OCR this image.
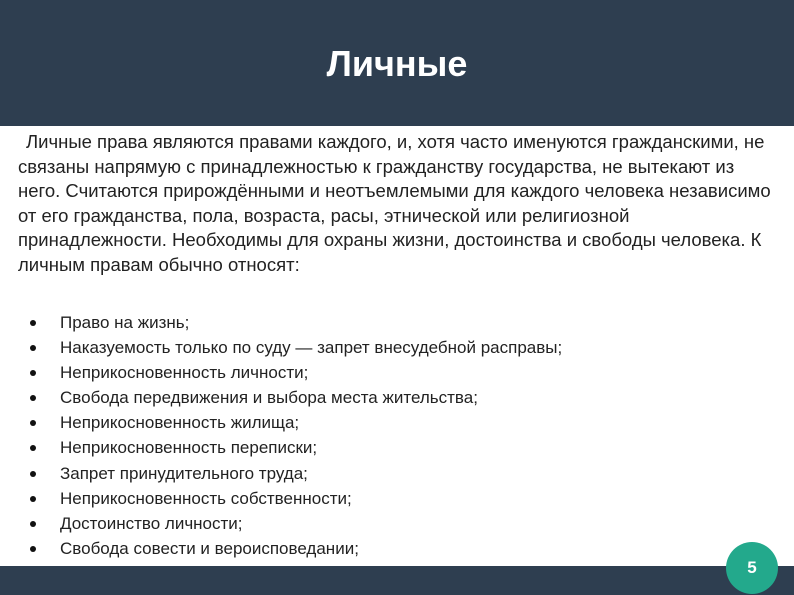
Личные

Личные права являются правами каждого, и, хотя часто именуются гражданскими, не связаны напрямую с принадлежностью к гражданству государства, не вытекают из него. Считаются прирождёнными и неотъемлемыми для каждого человека независимо от его гражданства, пола, возраста, расы, этнической или религиозной принадлежности. Необходимы для охраны жизни, достоинства и свободы человека. К личным правам обычно относят:

Право на жизнь;
Наказуемость только по суду — запрет внесудебной расправы;
Неприкосновенность личности;
Свобода передвижения и выбора места жительства;
Неприкосновенность жилища;
Неприкосновенность переписки;
Запрет принудительного труда;
Неприкосновенность собственности;
Достоинство личности;
Свобода совести и вероисповедании;
5
